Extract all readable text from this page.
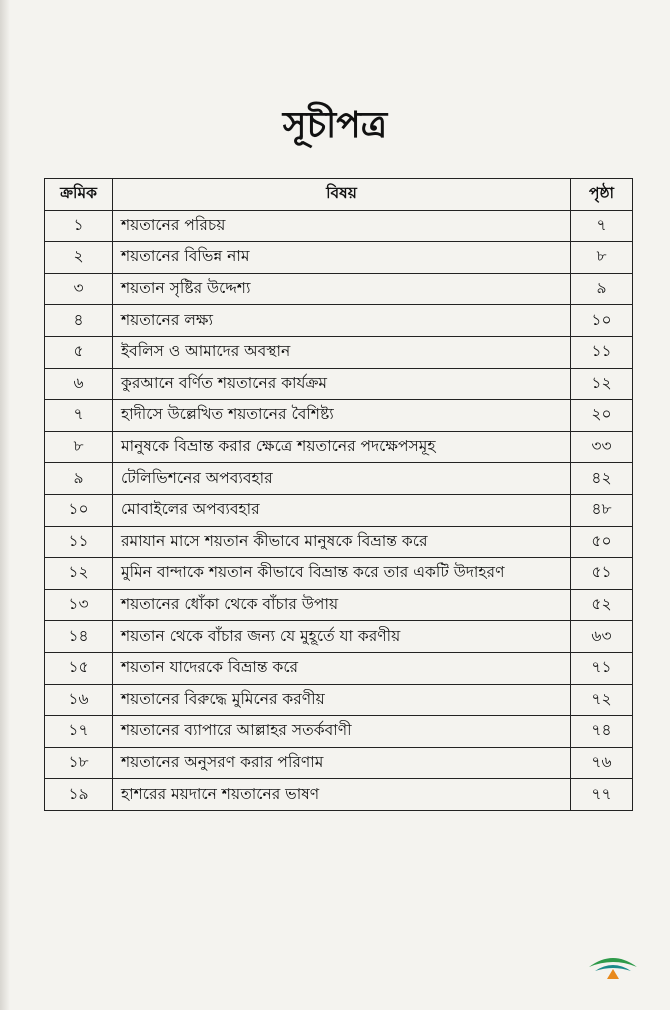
সূচীপত্র
ক্রমিক	বিষয়	পৃষ্ঠা
১	শয়তানের পরিচয়	৭
২	শয়তানের বিভিন্ন নাম	৮
৩	শয়তান সৃষ্টির উদ্দেশ্য	৯
৪	শয়তানের লক্ষ্য	১০
৫	ইবলিস ও আমাদের অবস্থান	১১
৬	কুরআনে বর্ণিত শয়তানের কার্যক্রম	১২
৭	হাদীসে উল্লেখিত শয়তানের বৈশিষ্ট্য	২০
৮	মানুষকে বিভ্রান্ত করার ক্ষেত্রে শয়তানের পদক্ষেপসমূহ	৩৩
৯	টেলিভিশনের অপব্যবহার	৪২
১০	মোবাইলের অপব্যবহার	৪৮
১১	রমাযান মাসে শয়তান কীভাবে মানুষকে বিভ্রান্ত করে	৫০
১২	মুমিন বান্দাকে শয়তান কীভাবে বিভ্রান্ত করে তার একটি উদাহরণ	৫১
১৩	শয়তানের ধোঁকা থেকে বাঁচার উপায়	৫২
১৪	শয়তান থেকে বাঁচার জন্য যে মুহূর্তে যা করণীয়	৬৩
১৫	শয়তান যাদেরকে বিভ্রান্ত করে	৭১
১৬	শয়তানের বিরুদ্ধে মুমিনের করণীয়	৭২
১৭	শয়তানের ব্যাপারে আল্লাহর সতর্কবাণী	৭৪
১৮	শয়তানের অনুসরণ করার পরিণাম	৭৬
১৯	হাশরের ময়দানে শয়তানের ভাষণ	৭৭
